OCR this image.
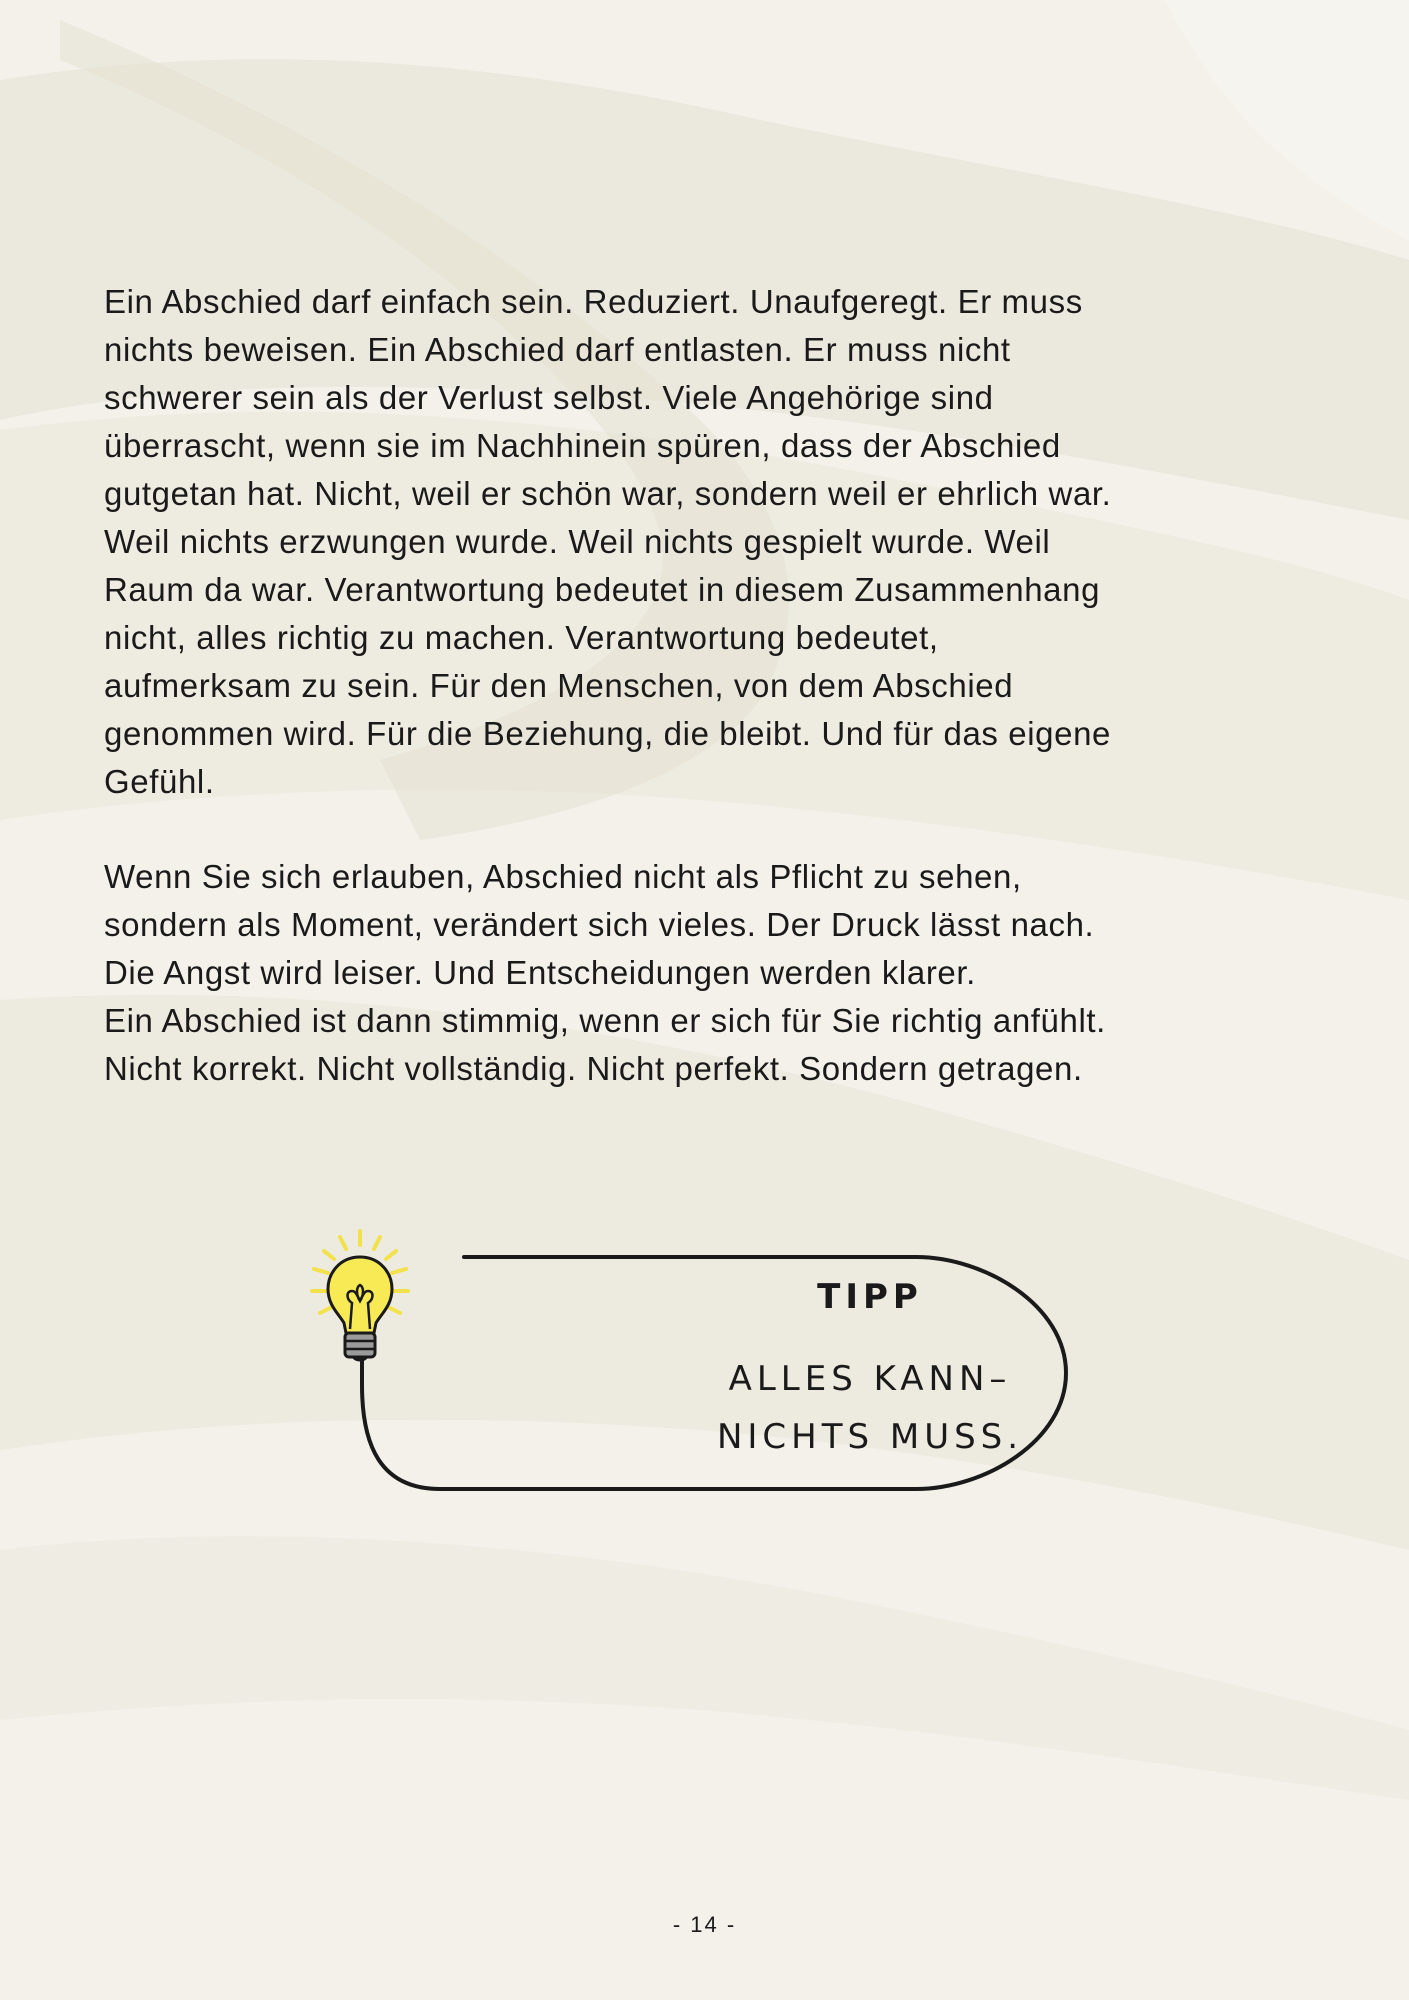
Ein Abschied darf einfach sein. Reduziert. Unaufgeregt. Er muss
nichts beweisen. Ein Abschied darf entlasten. Er muss nicht
schwerer sein als der Verlust selbst. Viele Angehörige sind
überrascht, wenn sie im Nachhinein spüren, dass der Abschied
gutgetan hat. Nicht, weil er schön war, sondern weil er ehrlich war.
Weil nichts erzwungen wurde. Weil nichts gespielt wurde. Weil
Raum da war. Verantwortung bedeutet in diesem Zusammenhang
nicht, alles richtig zu machen. Verantwortung bedeutet,
aufmerksam zu sein. Für den Menschen, von dem Abschied
genommen wird. Für die Beziehung, die bleibt. Und für das eigene
Gefühl.

Wenn Sie sich erlauben, Abschied nicht als Pflicht zu sehen,
sondern als Moment, verändert sich vieles. Der Druck lässt nach.
Die Angst wird leiser. Und Entscheidungen werden klarer.
Ein Abschied ist dann stimmig, wenn er sich für Sie richtig anfühlt.
Nicht korrekt. Nicht vollständig. Nicht perfekt. Sondern getragen.

TIPP
ALLES KANN–
NICHTS MUSS.
- 14 -
